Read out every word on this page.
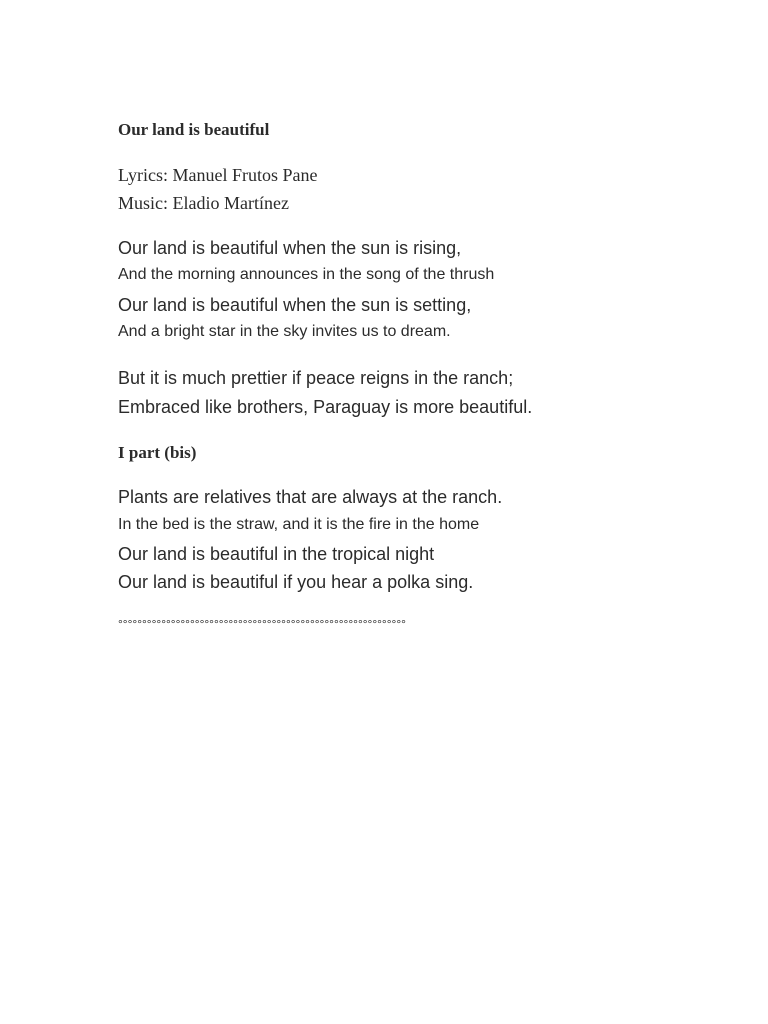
Our land is beautiful

Lyrics: Manuel Frutos Pane

Music: Eladio Martínez

Our land is beautiful when the sun is rising,

And the morning announces in the song of the thrush

Our land is beautiful when the sun is setting,

And a bright star in the sky invites us to dream.

But it is much prettier if peace reigns in the ranch;

Embraced like brothers, Paraguay is more beautiful.

I part (bis)

Plants are relatives that are always at the ranch.

In the bed is the straw, and it is the fire in the home

Our land is beautiful in the tropical night

Our land is beautiful if you hear a polka sing.

°°°°°°°°°°°°°°°°°°°°°°°°°°°°°°°°°°°°°°°°°°°°°°°°°°°°°°°°°°°°
